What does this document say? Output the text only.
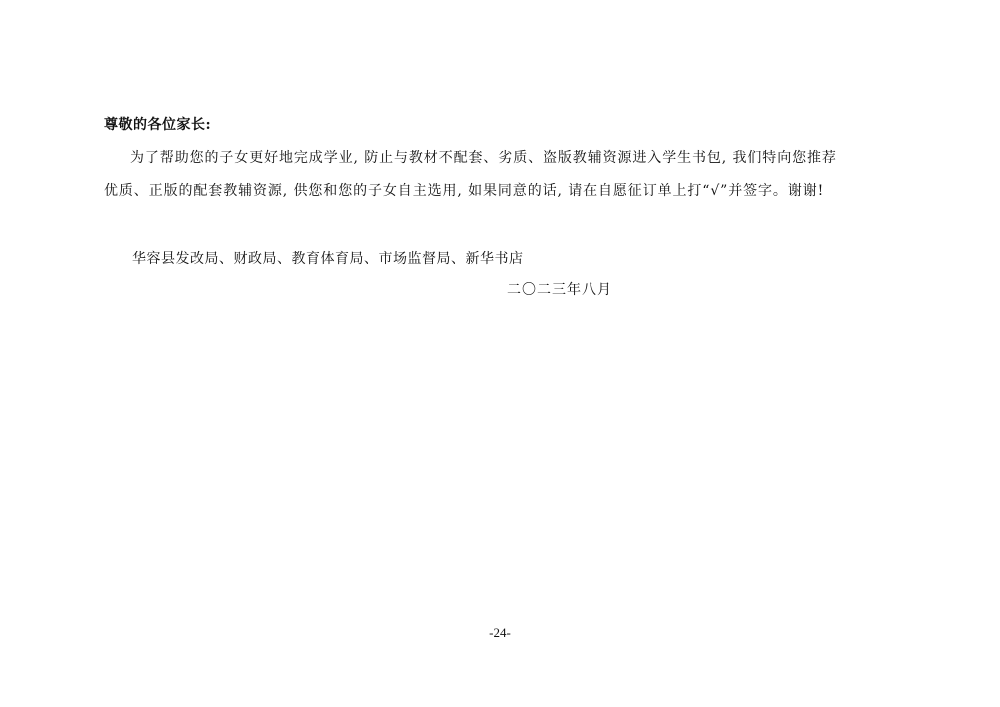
尊敬的各位家长:
为了帮助您的子女更好地完成学业, 防止与教材不配套、劣质、盗版教辅资源进入学生书包, 我们特向您推荐
优质、正版的配套教辅资源, 供您和您的子女自主选用, 如果同意的话, 请在自愿征订单上打“√”并签字。谢谢!
华容县发改局、财政局、教育体育局、市场监督局、新华书店
二〇二三年八月
-24-
